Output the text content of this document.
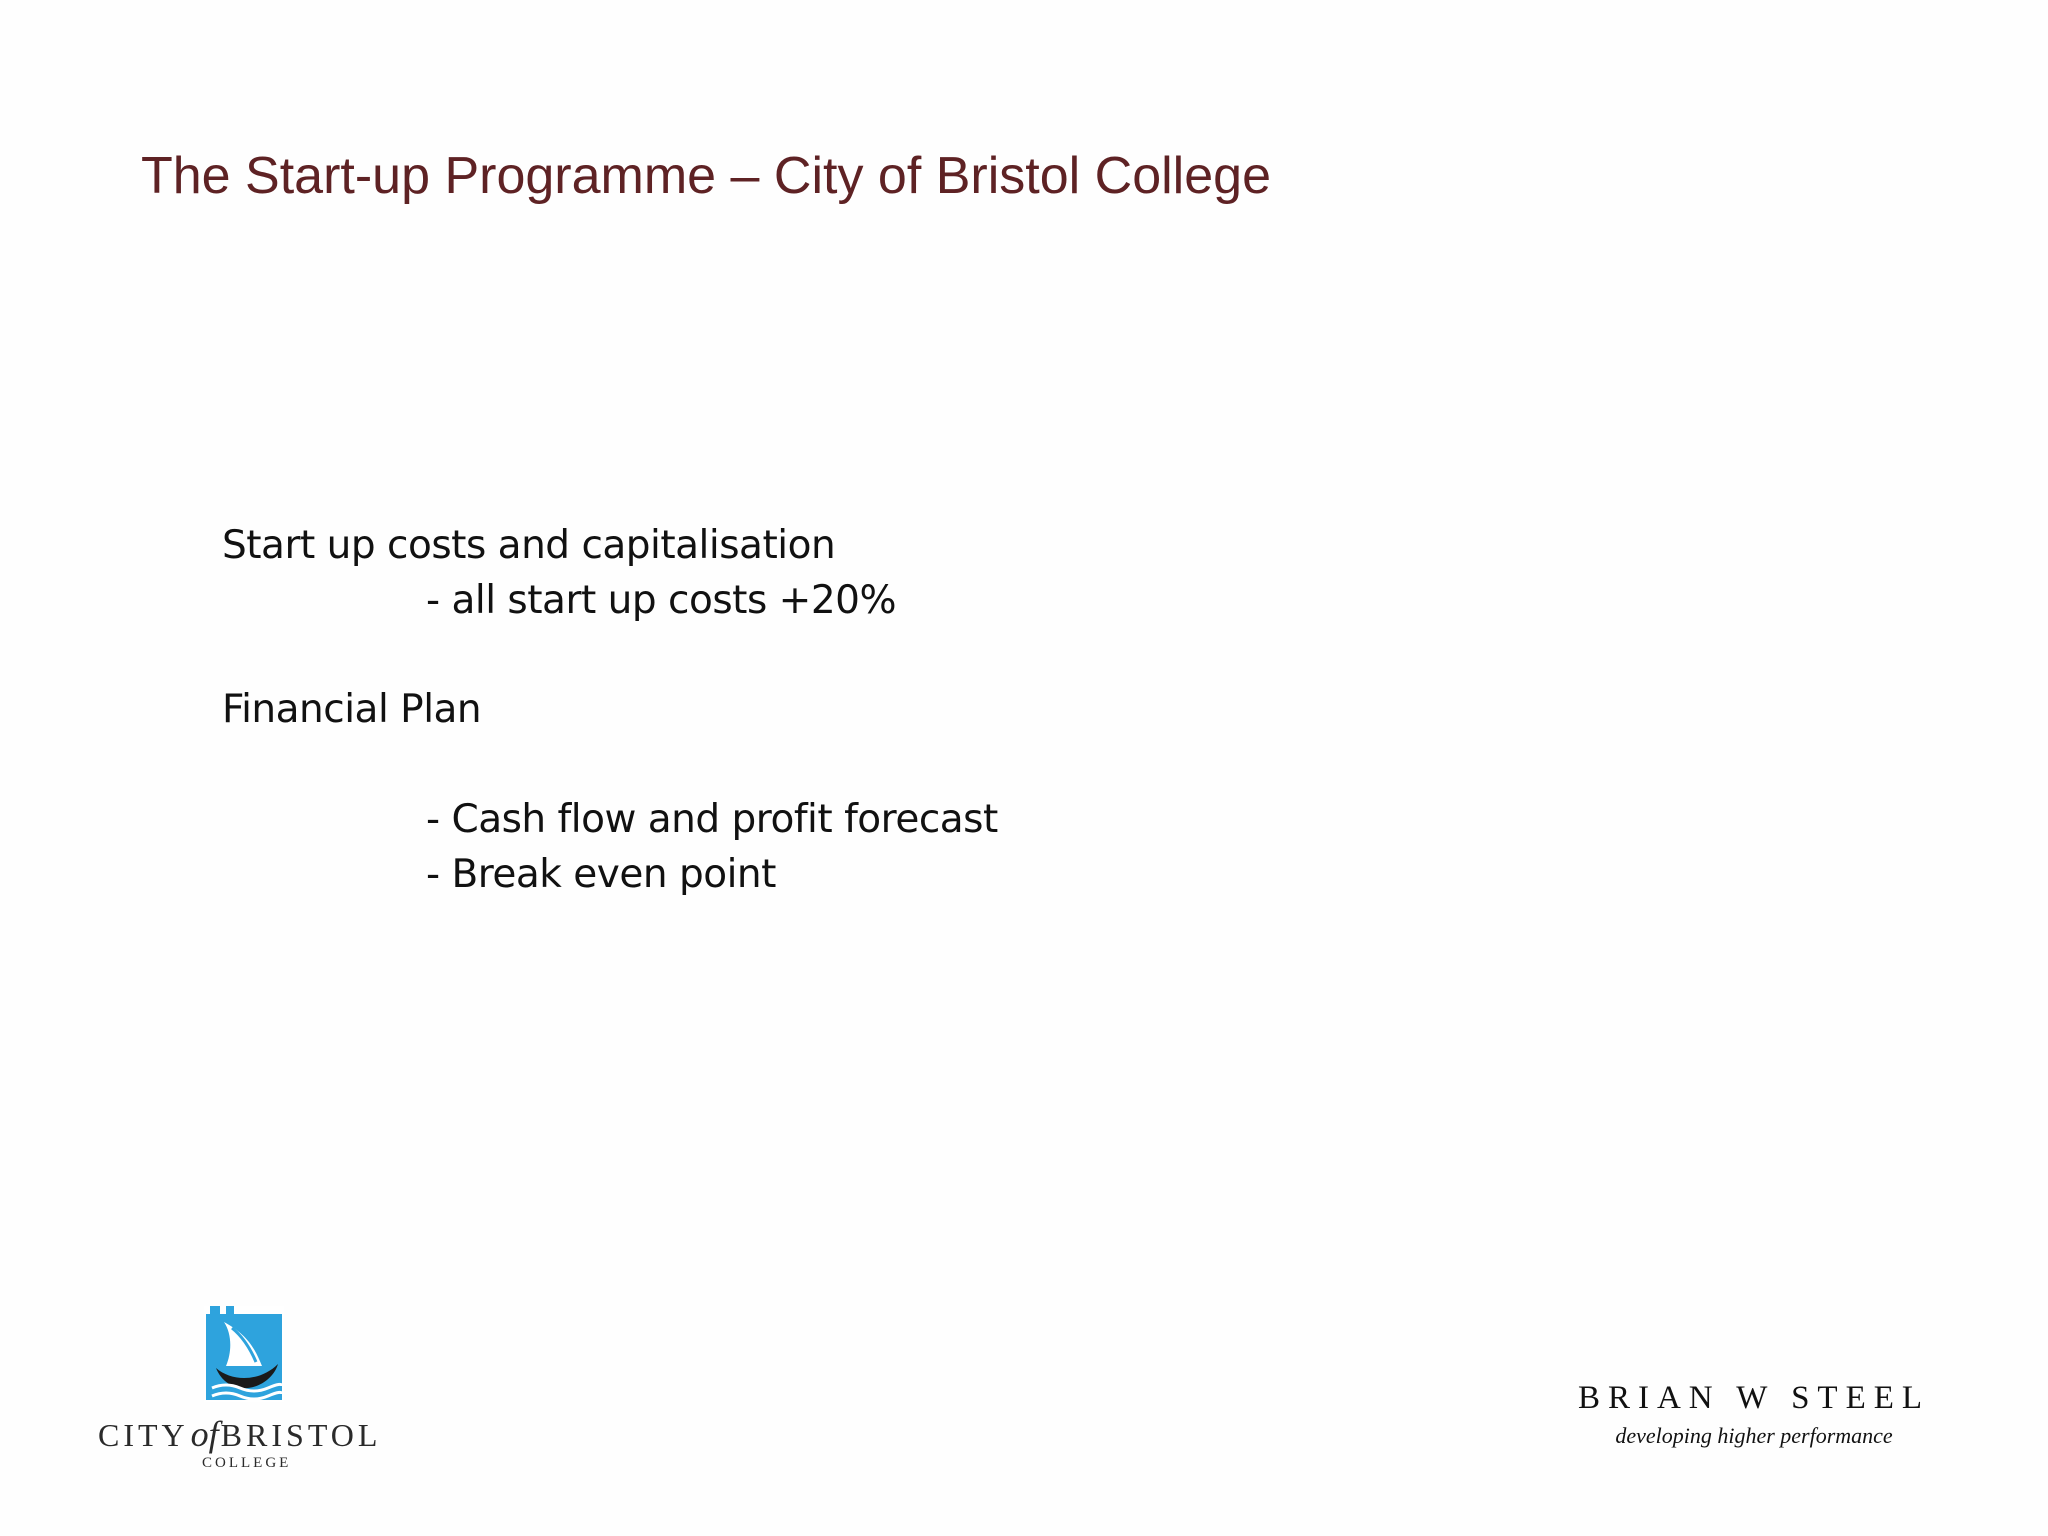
The Start-up Programme – City of Bristol College
Start up costs and capitalisation
- all start up costs +20%
Financial Plan
- Cash flow and profit forecast
- Break even point
CITYofBRISTOL
COLLEGE
BRIAN W STEEL
developing higher performance
